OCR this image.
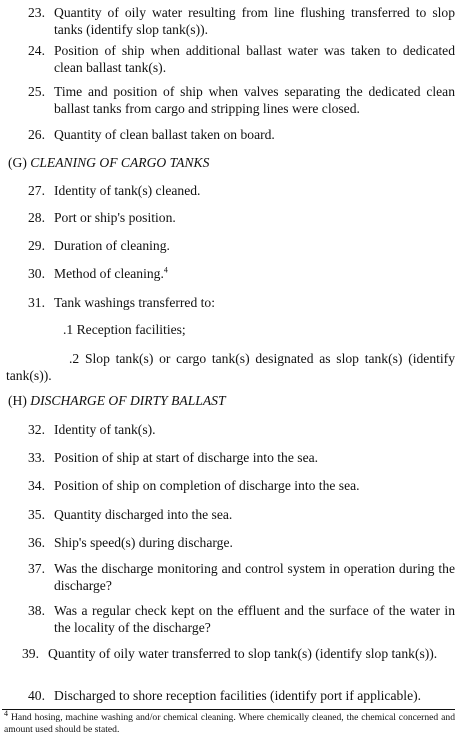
23. Quantity of oily water resulting from line flushing transferred to slop tanks (identify slop tank(s)).
24. Position of ship when additional ballast water was taken to dedicated clean ballast tank(s).
25. Time and position of ship when valves separating the dedicated clean ballast tanks from cargo and stripping lines were closed.
26. Quantity of clean ballast taken on board.
(G) CLEANING OF CARGO TANKS
27. Identity of tank(s) cleaned.
28. Port or ship's position.
29. Duration of cleaning.
30. Method of cleaning.$^4$
31. Tank washings transferred to:
.1 Reception facilities;
.2 Slop tank(s) or cargo tank(s) designated as slop tank(s) (identify tank(s)).
(H) DISCHARGE OF DIRTY BALLAST
32. Identity of tank(s).
33. Position of ship at start of discharge into the sea.
34. Position of ship on completion of discharge into the sea.
35. Quantity discharged into the sea.
36. Ship's speed(s) during discharge.
37. Was the discharge monitoring and control system in operation during the discharge?
38. Was a regular check kept on the effluent and the surface of the water in the locality of the discharge?
39. Quantity of oily water transferred to slop tank(s) (identify slop tank(s)).
40. Discharged to shore reception facilities (identify port if applicable).
$^4$ Hand hosing, machine washing and/or chemical cleaning. Where chemically cleaned, the chemical concerned and amount used should be stated.
